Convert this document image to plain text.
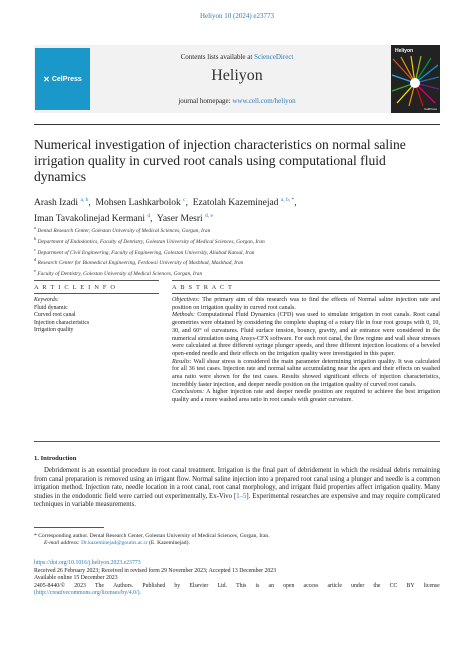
Heliyon 10 (2024) e23773
✕ CelPress
Contents lists available at ScienceDirect
Heliyon
journal homepage: www.cell.com/heliyon
Heliyon
CellPress
Numerical investigation of injection characteristics on normal saline irrigation quality in curved root canals using computational fluid dynamics
Arash Izadi $^{a, b}$,  Mohsen Lashkarbolok $^c$,  Ezatolah Kazeminejad $^{a, b, *}$,
Iman Tavakolinejad Kermani $^d$,  Yaser Mesri $^{d, e}$
$^a$ Dental Research Center, Golestan University of Medical Sciences, Gorgan, Iran
$^b$ Department of Endodontics, Faculty of Dentistry, Golestan University of Medical Sciences, Gorgan, Iran
$^c$ Department of Civil Engineering, Faculty of Engineering, Golestan University, Aliabad Katoul, Iran
$^d$ Research Center for Biomedical Engineering, Ferdowsi University of Mashhad, Mashhad, Iran
$^e$ Faculty of Dentistry, Golestan University of Medical Sciences, Gorgan, Iran
A R T I C L E I N F O	A B S T R A C T
Keywords:
Fluid dynamic
Curved root canal
Injection characteristics
Irrigation quality

Objectives: The primary aim of this research was to find the effects of Normal saline injection rate and position on irrigation quality in curved root canals.

Methods: Computational Fluid Dynamics (CFD) was used to simulate irrigation in root canals. Root canal geometries were obtained by considering the complete shaping of a rotary file in four root groups with 0, 10, 30, and 60° of curvatures. Fluid surface tension, bouncy, gravity, and air entrance were considered in the numerical simulation using Ansys-CFX software. For each root canal, the flow regime and wall shear stresses were calculated at three different syringe plunger speeds, and three different injection locations of a beveled open-ended needle and their effects on the irrigation quality were investigated in this paper.

Results: Wall shear stress is considered the main parameter determining irrigation quality. It was calculated for all 36 test cases. Injection rate and normal saline accumulating near the apex and their effects on washed area ratio were shown for the test cases. Results showed significant effects of injection characteristics, incredibly faster injection, and deeper needle position on the irrigation quality of curved root canals.

Conclusions: A higher injection rate and deeper needle position are required to achieve the best irrigation quality and a more washed area ratio in root canals with greater curvature.

1. Introduction
Debridement is an essential procedure in root canal treatment. Irrigation is the final part of debridement in which the residual debris remaining from canal preparation is removed using an irrigant flow. Normal saline injection into a prepared root canal using a plunger and needle is a common irrigation method. Injection rate, needle location in a root canal, root canal morphology, and irrigant fluid properties affect irrigation quality. Many studies in the endodontic field were carried out experimentally, Ex-Vivo [1–5]. Experimental researches are expensive and may require complicated techniques in variable measurements.
* Corresponding author. Dental Research Center, Golestan University of Medical Sciences, Gorgan, Iran.
E-mail address: Dr.kazeminejad@goums.ac.ir (E. Kazeminejad).
https://doi.org/10.1016/j.heliyon.2023.e23773
Received 26 February 2023; Received in revised form 29 November 2023; Accepted 13 December 2023
Available online 15 December 2023
2405-8440/© 2023 The Authors. Published by Elsevier Ltd. This is an open access article under the CC BY license
(http://creativecommons.org/licenses/by/4.0/).
